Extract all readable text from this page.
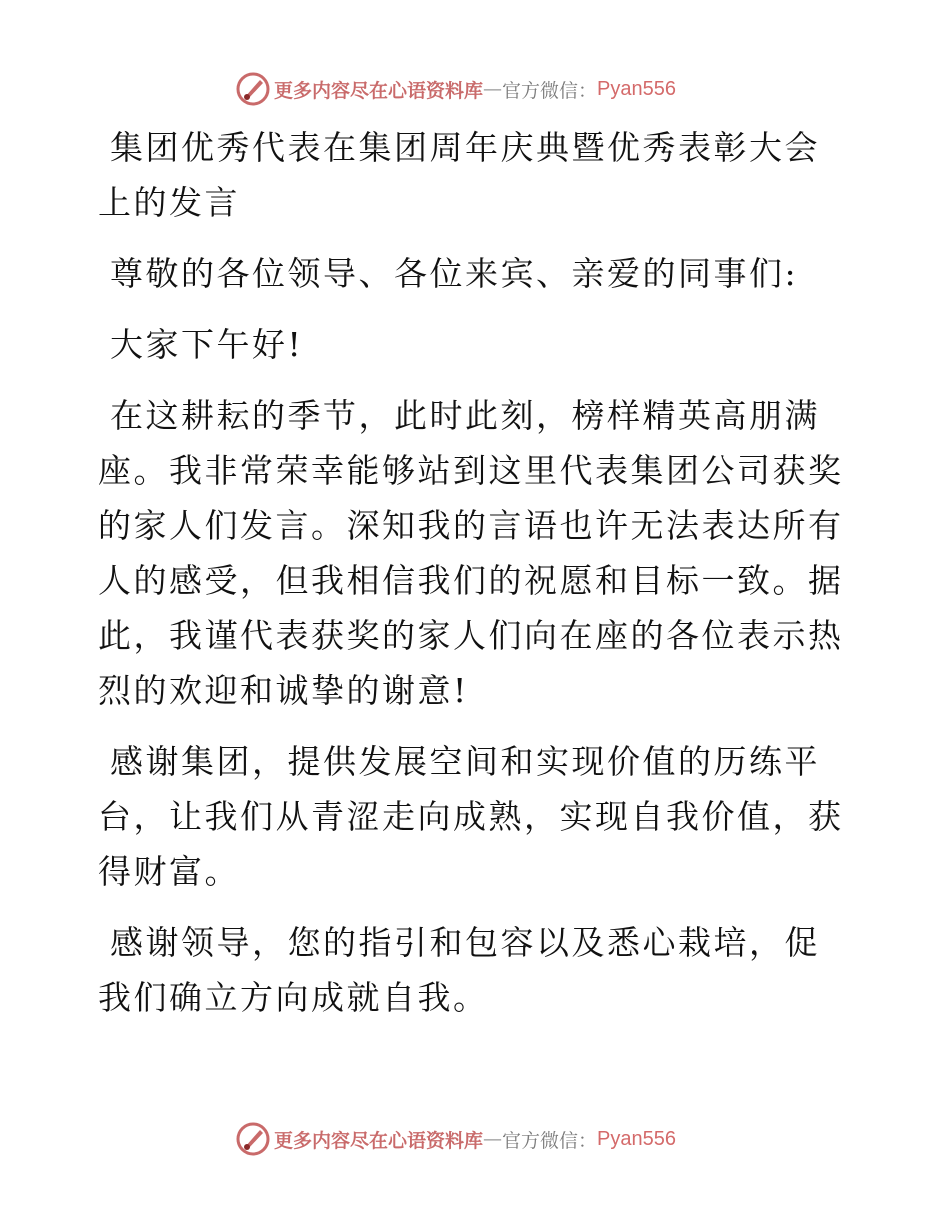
更多内容尽在心语资料库 — 官方微信： Pyan556

集团优秀代表在集团周年庆典暨优秀表彰大会上的发言

尊敬的各位领导、各位来宾、亲爱的同事们:

大家下午好!

在这耕耘的季节，此时此刻，榜样精英高朋满座。我非常荣幸能够站到这里代表集团公司获奖的家人们发言。深知我的言语也许无法表达所有人的感受，但我相信我们的祝愿和目标一致。据此，我谨代表获奖的家人们向在座的各位表示热烈的欢迎和诚挚的谢意!

感谢集团，提供发展空间和实现价值的历练平台，让我们从青涩走向成熟，实现自我价值，获得财富。

感谢领导，您的指引和包容以及悉心栽培，促我们确立方向成就自我。

更多内容尽在心语资料库 — 官方微信： Pyan556
